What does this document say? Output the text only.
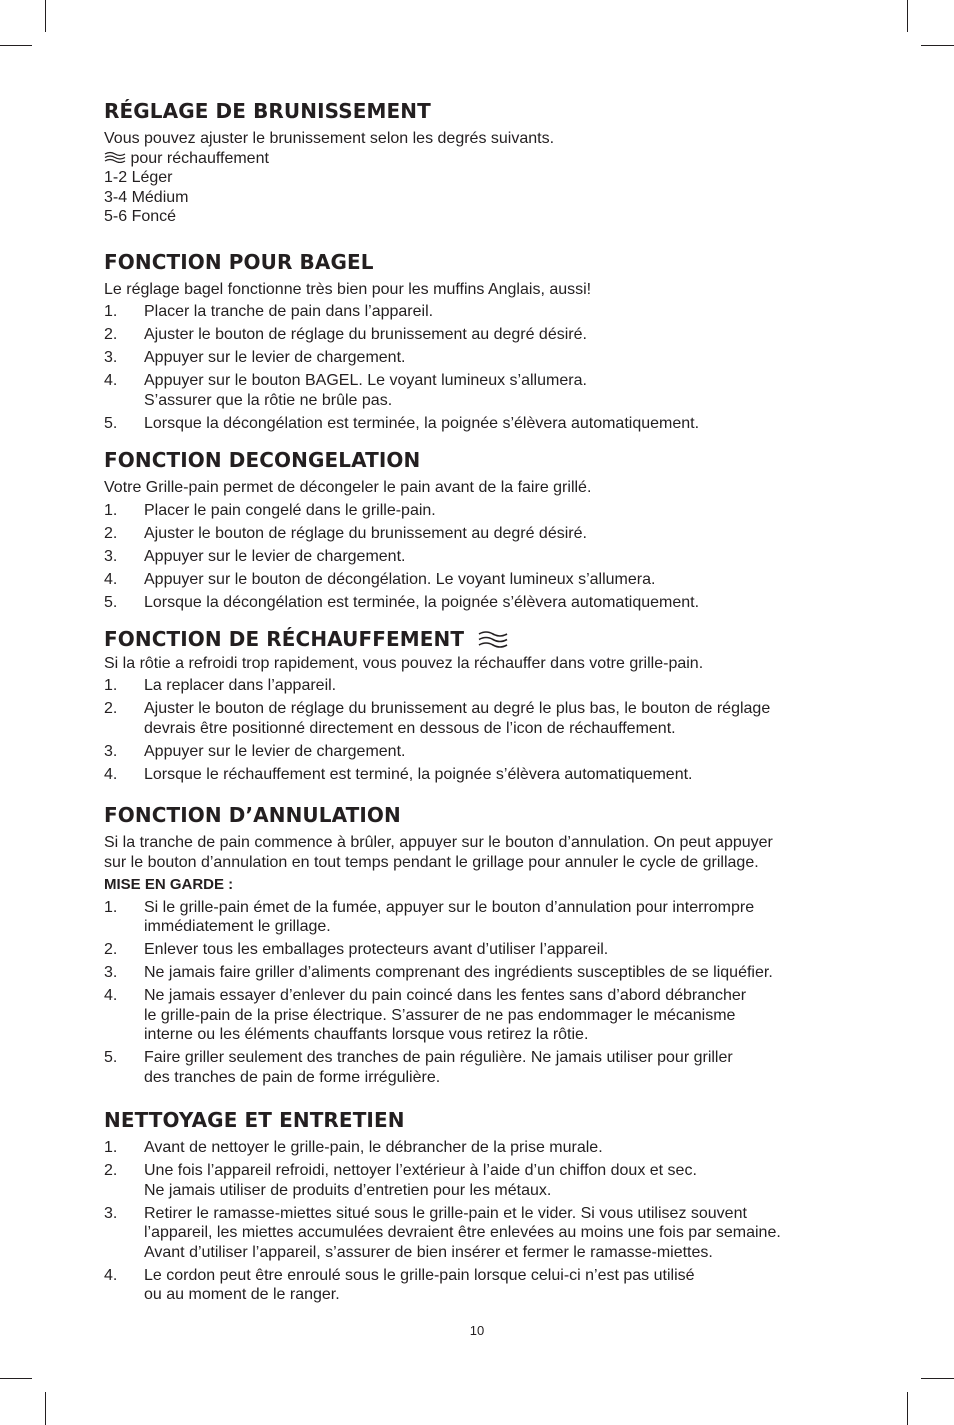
RÉGLAGE DE BRUNISSEMENT

Vous pouvez ajuster le brunissement selon les degrés suivants.

pour réchauffement
1-2 Léger
3-4 Médium
5-6 Foncé
FONCTION POUR BAGEL

Le réglage bagel fonctionne très bien pour les muffins Anglais, aussi!

1.	Placer la tranche de pain dans l’appareil.
2.	Ajuster le bouton de réglage du brunissement au degré désiré.
3.	Appuyer sur le levier de chargement.
4.	Appuyer sur le bouton BAGEL. Le voyant lumineux s’allumera.
S’assurer que la rôtie ne brûle pas.
5.	Lorsque la décongélation est terminée, la poignée s’élèvera automatiquement.
FONCTION DECONGELATION

Votre Grille-pain permet de décongeler le pain avant de la faire grillé.

1.	Placer le pain congelé dans le grille-pain.
2.	Ajuster le bouton de réglage du brunissement au degré désiré.
3.	Appuyer sur le levier de chargement.
4.	Appuyer sur le bouton de décongélation. Le voyant lumineux s’allumera.
5.	Lorsque la décongélation est terminée, la poignée s’élèvera automatiquement.
FONCTION DE RÉCHAUFFEMENT

Si la rôtie a refroidi trop rapidement, vous pouvez la réchauffer dans votre grille-pain.

1.	La replacer dans l’appareil.
2.	Ajuster le bouton de réglage du brunissement au degré le plus bas, le bouton de réglage
devrais être positionné directement en dessous de l’icon de réchauffement.
3.	Appuyer sur le levier de chargement.
4.	Lorsque le réchauffement est terminé, la poignée s’élèvera automatiquement.
FONCTION D’ANNULATION

Si la tranche de pain commence à brûler, appuyer sur le bouton d’annulation. On peut appuyer
sur le bouton d’annulation en tout temps pendant le grillage pour annuler le cycle de grillage.

MISE EN GARDE :
1.	Si le grille-pain émet de la fumée, appuyer sur le bouton d’annulation pour interrompre
immédiatement le grillage.
2.	Enlever tous les emballages protecteurs avant d’utiliser l’appareil.
3.	Ne jamais faire griller d’aliments comprenant des ingrédients susceptibles de se liquéfier.
4.	Ne jamais essayer d’enlever du pain coincé dans les fentes sans d’abord débrancher
le grille-pain de la prise électrique. S’assurer de ne pas endommager le mécanisme
interne ou les éléments chauffants lorsque vous retirez la rôtie.
5.	Faire griller seulement des tranches de pain régulière. Ne jamais utiliser pour griller
des tranches de pain de forme irrégulière.
NETTOYAGE ET ENTRETIEN
1.	Avant de nettoyer le grille-pain, le débrancher de la prise murale.
2.	Une fois l’appareil refroidi, nettoyer l’extérieur à l’aide d’un chiffon doux et sec.
Ne jamais utiliser de produits d’entretien pour les métaux.
3.	Retirer le ramasse-miettes situé sous le grille-pain et le vider. Si vous utilisez souvent
l’appareil, les miettes accumulées devraient être enlevées au moins une fois par semaine.
Avant d’utiliser l’appareil, s’assurer de bien insérer et fermer le ramasse-miettes.
4.	Le cordon peut être enroulé sous le grille-pain lorsque celui-ci n’est pas utilisé
ou au moment de le ranger.
10
